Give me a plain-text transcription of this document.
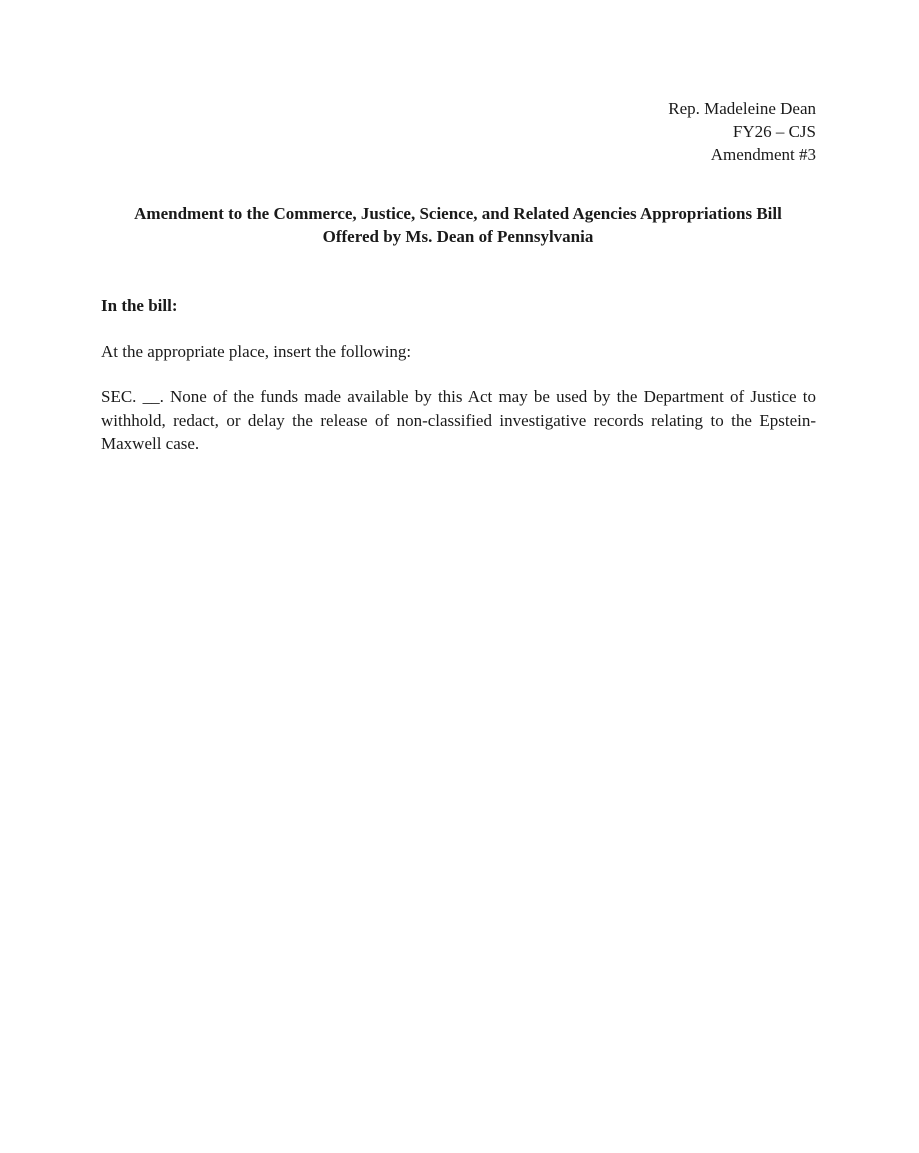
Rep. Madeleine Dean
FY26 – CJS
Amendment #3
Amendment to the Commerce, Justice, Science, and Related Agencies Appropriations Bill
Offered by Ms. Dean of Pennsylvania
In the bill:
At the appropriate place, insert the following:
SEC. __. None of the funds made available by this Act may be used by the Department of Justice to withhold, redact, or delay the release of non-classified investigative records relating to the Epstein-Maxwell case.
